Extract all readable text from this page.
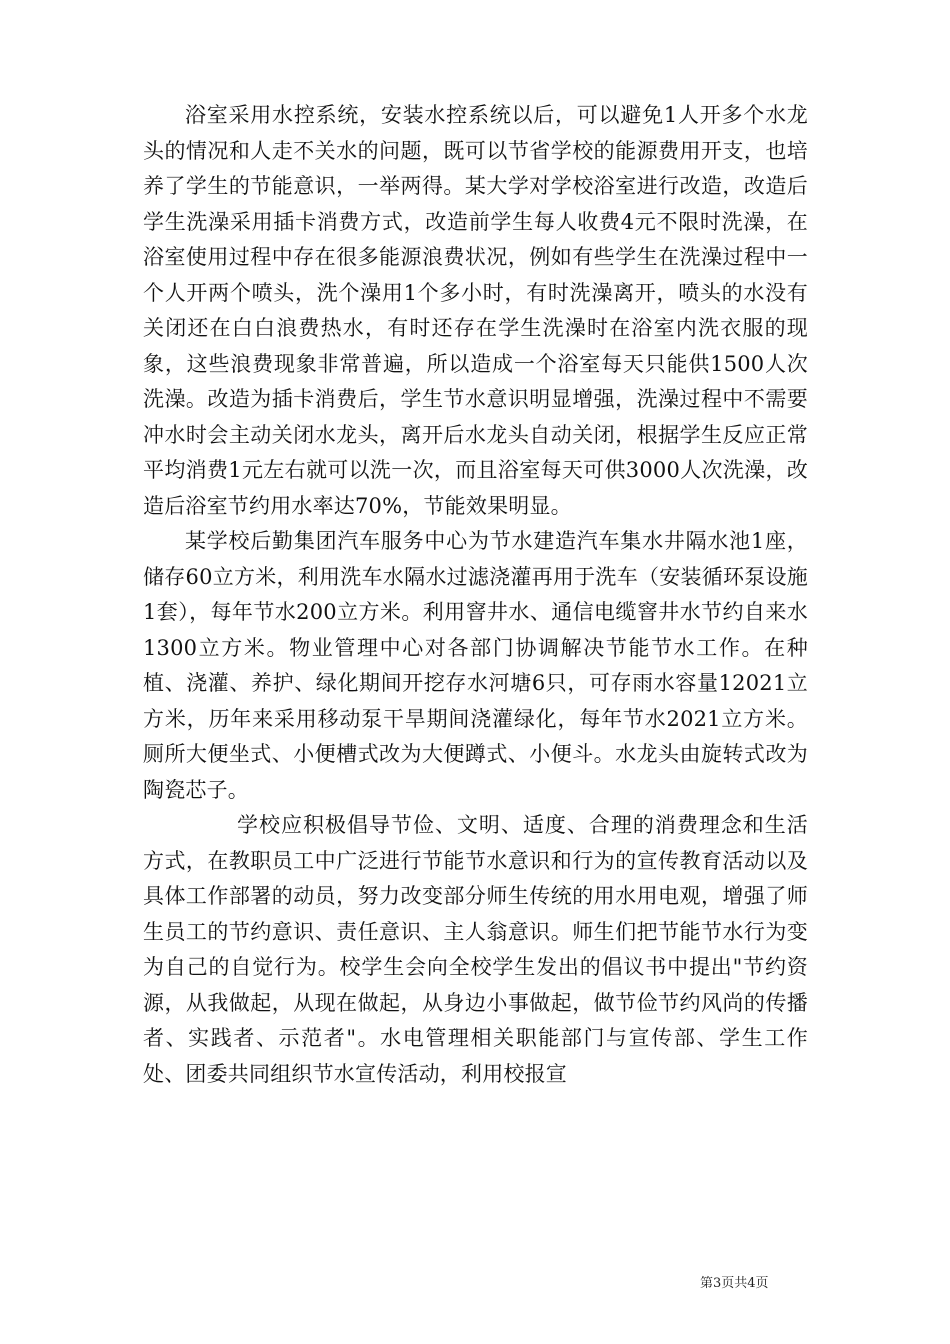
浴室采用水控系统，安装水控系统以后，可以避免1人开多个水龙头的情况和人走不关水的问题，既可以节省学校的能源费用开支，也培养了学生的节能意识，一举两得。某大学对学校浴室进行改造，改造后学生洗澡采用插卡消费方式，改造前学生每人收费4元不限时洗澡，在浴室使用过程中存在很多能源浪费状况，例如有些学生在洗澡过程中一个人开两个喷头，洗个澡用1个多小时，有时洗澡离开，喷头的水没有关闭还在白白浪费热水，有时还存在学生洗澡时在浴室内洗衣服的现象，这些浪费现象非常普遍，所以造成一个浴室每天只能供1500人次洗澡。改造为插卡消费后，学生节水意识明显增强，洗澡过程中不需要冲水时会主动关闭水龙头，离开后水龙头自动关闭，根据学生反应正常平均消费1元左右就可以洗一次，而且浴室每天可供3000人次洗澡，改造后浴室节约用水率达70%，节能效果明显。

某学校后勤集团汽车服务中心为节水建造汽车集水井隔水池1座，储存60立方米，利用洗车水隔水过滤浇灌再用于洗车（安装循环泵设施1套），每年节水200立方米。利用窨井水、通信电缆窨井水节约自来水1300立方米。物业管理中心对各部门协调解决节能节水工作。在种植、浇灌、养护、绿化期间开挖存水河塘6只，可存雨水容量12021立方米，历年来采用移动泵干旱期间浇灌绿化，每年节水2021立方米。厕所大便坐式、小便槽式改为大便蹲式、小便斗。水龙头由旋转式改为陶瓷芯子。

学校应积极倡导节俭、文明、适度、合理的消费理念和生活方式，在教职员工中广泛进行节能节水意识和行为的宣传教育活动以及具体工作部署的动员，努力改变部分师生传统的用水用电观，增强了师生员工的节约意识、责任意识、主人翁意识。师生们把节能节水行为变为自己的自觉行为。校学生会向全校学生发出的倡议书中提出"节约资源，从我做起，从现在做起，从身边小事做起，做节俭节约风尚的传播者、实践者、示范者"。水电管理相关职能部门与宣传部、学生工作处、团委共同组织节水宣传活动，利用校报宣

第3页共4页
